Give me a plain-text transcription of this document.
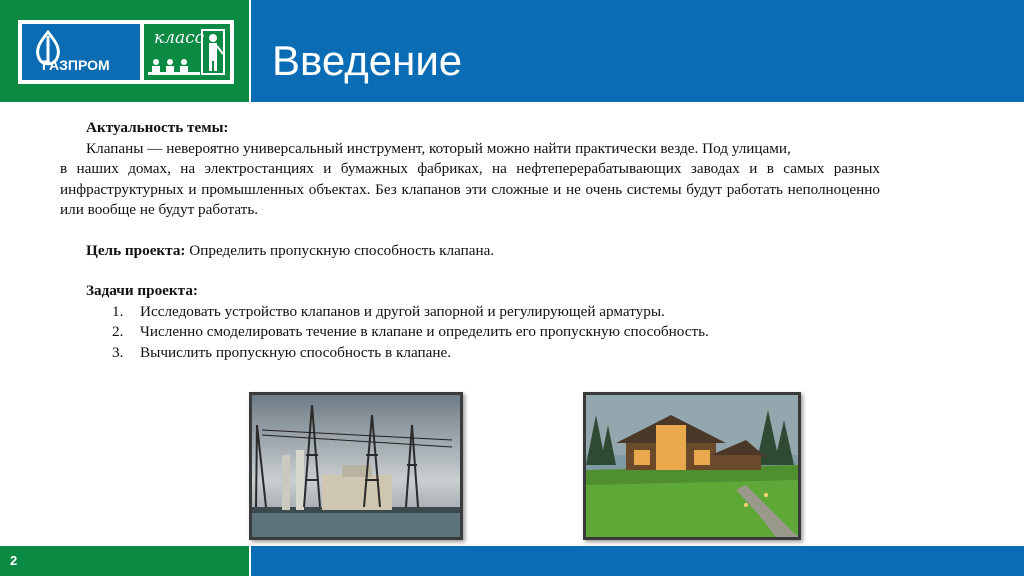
ГАЗПРОМ
класс Введение
Актуальность темы:
Клапаны — невероятно универсальный инструмент, который можно найти практически везде. Под улицами,
в наших домах, на электростанциях и бумажных фабриках, на нефтеперерабатывающих заводах и в самых разных инфраструктурных и промышленных объектах. Без клапанов эти сложные и не очень системы будут работать неполноценно или вообще не будут работать.
Цель проекта: Определить пропускную способность клапана.
Задачи проекта:
1. Исследовать устройство клапанов и другой запорной и регулирующей арматуры.
2. Численно смоделировать течение в клапане и определить его пропускную способность.
3. Вычислить пропускную способность в клапане.
2
